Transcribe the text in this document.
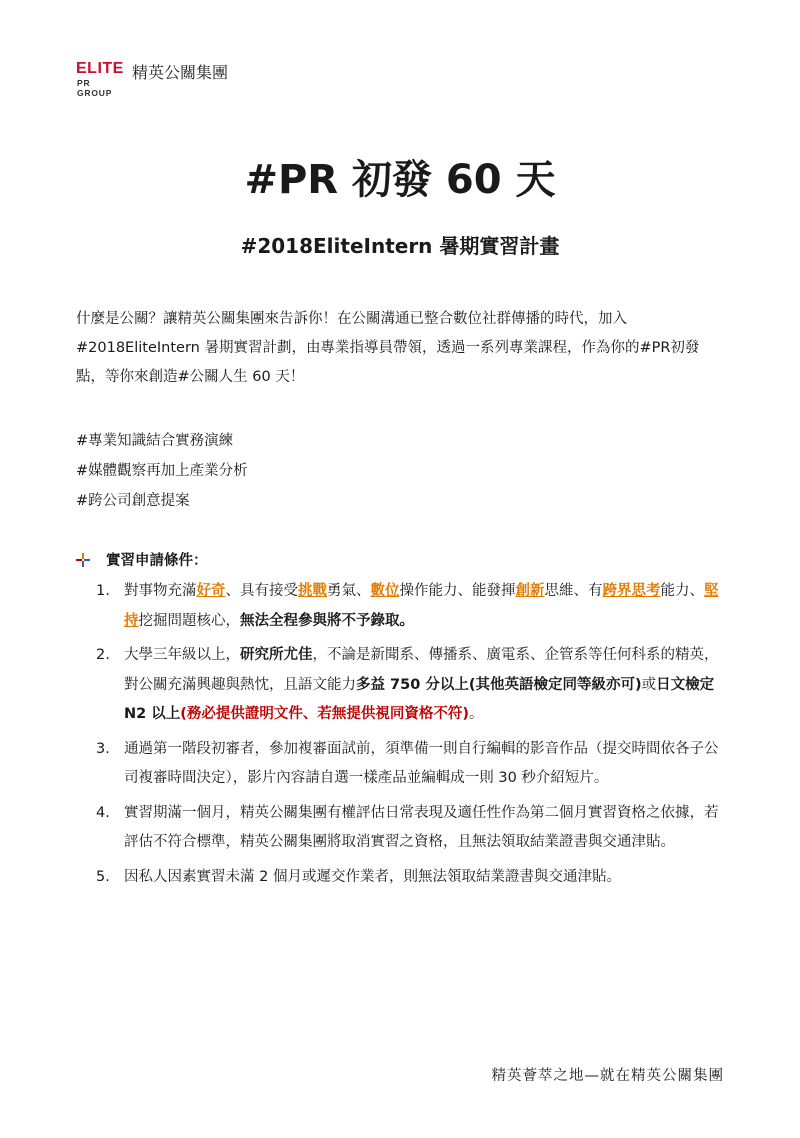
ELITE
PR GROUP
精英公關集團
#PR 初發 60 天
#2018EliteIntern 暑期實習計畫
什麼是公關？讓精英公關集團來告訴你！在公關溝通已整合數位社群傳播的時代，加入#2018EliteIntern 暑期實習計劃，由專業指導員帶領，透過一系列專業課程，作為你的#PR初發點，等你來創造#公關人生 60 天！
#專業知識結合實務演練
#媒體觀察再加上產業分析
#跨公司創意提案
實習申請條件：
1. 對事物充滿好奇、具有接受挑戰勇氣、數位操作能力、能發揮創新思維、有跨界思考能力、堅持挖掘問題核心，無法全程參與將不予錄取。
2. 大學三年級以上，研究所尤佳，不論是新聞系、傳播系、廣電系、企管系等任何科系的精英，對公關充滿興趣與熱忱，且語文能力多益 750 分以上(其他英語檢定同等級亦可)或日文檢定 N2 以上(務必提供證明文件、若無提供視同資格不符)。
3. 通過第一階段初審者，參加複審面試前，須準備一則自行編輯的影音作品（提交時間依各子公司複審時間決定），影片內容請自選一樣產品並編輯成一則 30 秒介紹短片。
4. 實習期滿一個月，精英公關集團有權評估日常表現及適任性作為第二個月實習資格之依據，若評估不符合標準，精英公關集團將取消實習之資格，且無法領取結業證書與交通津貼。
5. 因私人因素實習未滿 2 個月或遲交作業者，則無法領取結業證書與交通津貼。
精英薈萃之地—就在精英公關集團
